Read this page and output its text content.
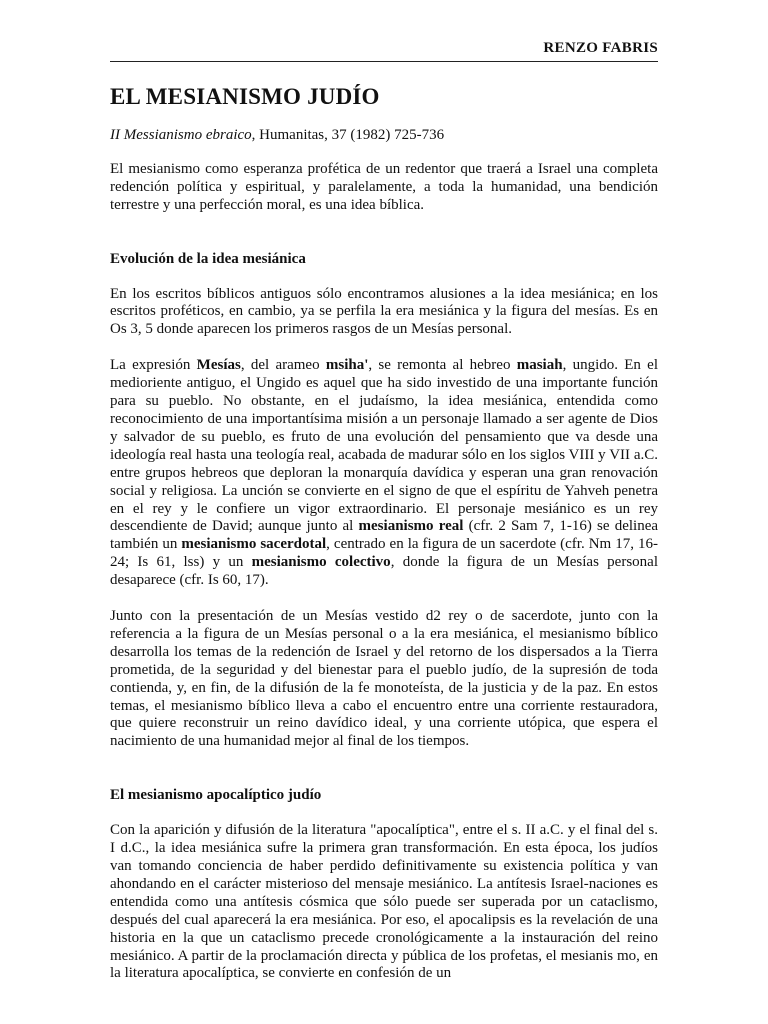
RENZO FABRIS
EL MESIANISMO JUDÍO

II Messianismo ebraico, Humanitas, 37 (1982) 725-736

El mesianismo como esperanza profética de un redentor que traerá a Israel una completa redención política y espiritual, y paralelamente, a toda la humanidad, una bendición terrestre y una perfección moral, es una idea bíblica.

Evolución de la idea mesiánica

En los escritos bíblicos antiguos sólo encontramos alusiones a la idea mesiánica; en los escritos proféticos, en cambio, ya se perfila la era mesiánica y la figura del mesías. Es en Os 3, 5 donde aparecen los primeros rasgos de un Mesías personal.

La expresión Mesías, del arameo msiha', se remonta al hebreo masiah, ungido. En el medioriente antiguo, el Ungido es aquel que ha sido investido de una importante función para su pueblo. No obstante, en el judaísmo, la idea mesiánica, entendida como reconocimiento de una importantísima misión a un personaje llamado a ser agente de Dios y salvador de su pueblo, es fruto de una evolución del pensamiento que va desde una ideología real hasta una teología real, acabada de madurar sólo en los siglos VIII y VII a.C. entre grupos hebreos que deploran la monarquía davídica y esperan una gran renovación social y religiosa. La unción se convierte en el signo de que el espíritu de Yahveh penetra en el rey y le confiere un vigor extraordinario. El personaje mesiánico es un rey descendiente de David; aunque junto al mesianismo real (cfr. 2 Sam 7, 1-16) se delinea también un mesianismo sacerdotal, centrado en la figura de un sacerdote (cfr. Nm 17, 16-24; Is 61, lss) y un mesianismo colectivo, donde la figura de un Mesías personal desaparece (cfr. Is 60, 17).

Junto con la presentación de un Mesías vestido d2 rey o de sacerdote, junto con la referencia a la figura de un Mesías personal o a la era mesiánica, el mesianismo bíblico desarrolla los temas de la redención de Israel y del retorno de los dispersados a la Tierra prometida, de la seguridad y del bienestar para el pueblo judío, de la supresión de toda contienda, y, en fin, de la difusión de la fe monoteísta, de la justicia y de la paz. En estos temas, el mesianismo bíblico lleva a cabo el encuentro entre una corriente restauradora, que quiere reconstruir un reino davídico ideal, y una corriente utópica, que espera el nacimiento de una humanidad mejor al final de los tiempos.

El mesianismo apocalíptico judío

Con la aparición y difusión de la literatura "apocalíptica", entre el s. II a.C. y el final del s. I d.C., la idea mesiánica sufre la primera gran transformación. En esta época, los judíos van tomando conciencia de haber perdido definitivamente su existencia política y van ahondando en el carácter misterioso del mensaje mesiánico. La antítesis Israel-naciones es entendida como una antítesis cósmica que sólo puede ser superada por un cataclismo, después del cual aparecerá la era mesiánica. Por eso, el apocalipsis es la revelación de una historia en la que un cataclismo precede cronológicamente a la instauración del reino mesiánico. A partir de la proclamación directa y pública de los profetas, el mesianis mo, en la literatura apocalíptica, se convierte en confesión de un
